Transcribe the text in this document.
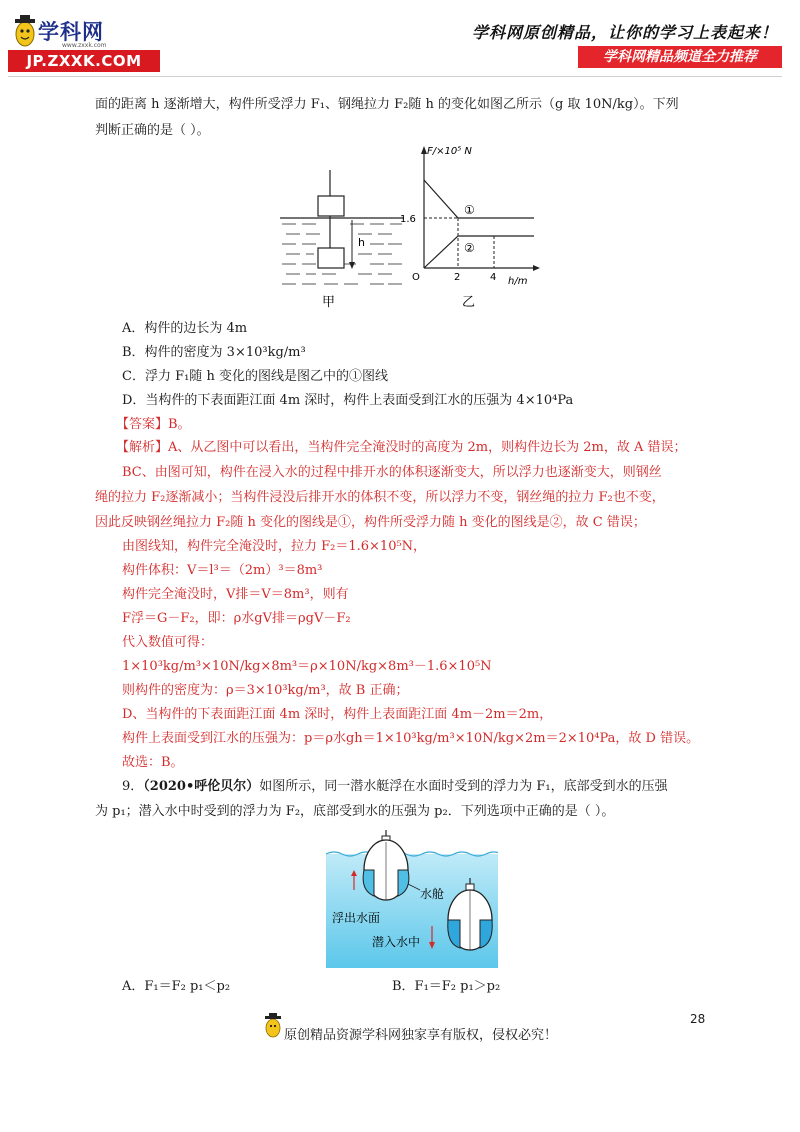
学科网
www.zxxk.com
JP.ZXXK.COM
学科网原创精品，让你的学习上表起来！
学科网精品频道全力推荐
面的距离 h 逐渐增大，构件所受浮力 F₁、钢绳拉力 F₂随 h 的变化如图乙所示（g 取 10N/kg）。下列
判断正确的是（ ）。
h
甲
F/×10⁵ N
1.6
O	2	4 h/m
①
②
乙
A．构件的边长为 4m
B．构件的密度为 3×10³kg/m³
C．浮力 F₁随 h 变化的图线是图乙中的①图线
D．当构件的下表面距江面 4m 深时，构件上表面受到江水的压强为 4×10⁴Pa
【答案】B。
【解析】A、从乙图中可以看出，当构件完全淹没时的高度为 2m，则构件边长为 2m，故 A 错误；
BC、由图可知，构件在浸入水的过程中排开水的体积逐渐变大，所以浮力也逐渐变大，则钢丝
绳的拉力 F₂逐渐减小；当构件浸没后排开水的体积不变，所以浮力不变，钢丝绳的拉力 F₂也不变，
因此反映钢丝绳拉力 F₂随 h 变化的图线是①，构件所受浮力随 h 变化的图线是②，故 C 错误；
由图线知，构件完全淹没时，拉力 F₂＝1.6×10⁵N，
构件体积：V＝l³＝（2m）³＝8m³
构件完全淹没时，V排＝V＝8m³，则有
F浮＝G－F₂，即：ρ水gV排＝ρgV－F₂
代入数值可得：
1×10³kg/m³×10N/kg×8m³＝ρ×10N/kg×8m³－1.6×10⁵N
则构件的密度为：ρ＝3×10³kg/m³，故 B 正确；
D、当构件的下表面距江面 4m 深时，构件上表面距江面 4m－2m＝2m，
构件上表面受到江水的压强为：p＝ρ水gh＝1×10³kg/m³×10N/kg×2m＝2×10⁴Pa，故 D 错误。
故选：B。
9．（2020•呼伦贝尔）如图所示，同一潜水艇浮在水面时受到的浮力为 F₁，底部受到水的压强
为 p₁；潜入水中时受到的浮力为 F₂，底部受到水的压强为 p₂．下列选项中正确的是（ ）。
水舱
浮出水面
潜入水中
A．F₁＝F₂ p₁＜p₂	B．F₁＝F₂ p₁＞p₂
28
原创精品资源学科网独家享有版权，侵权必究！
